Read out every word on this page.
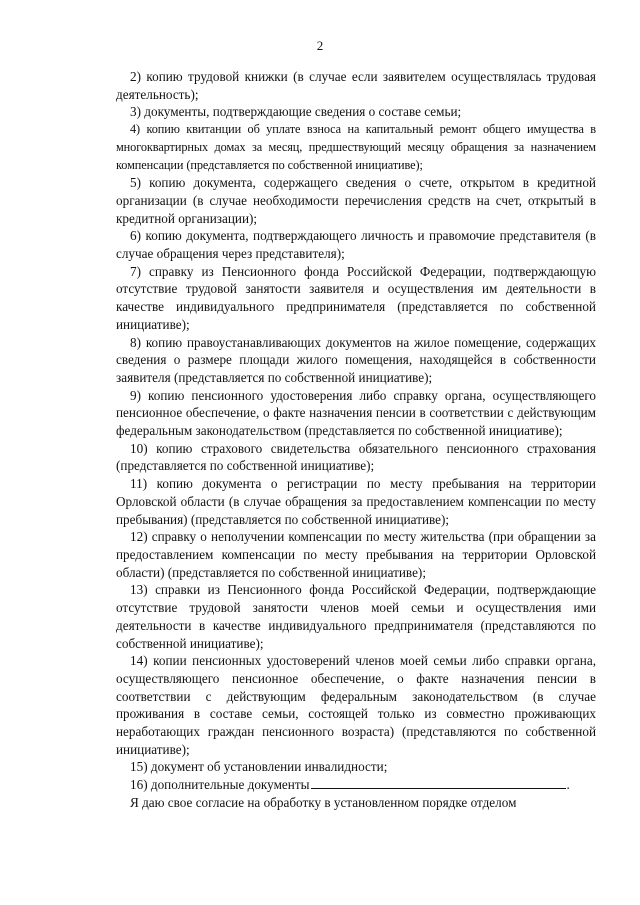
2

2) копию трудовой книжки (в случае если заявителем осуществлялась трудовая деятельность);

3) документы, подтверждающие сведения о составе семьи;

4) копию квитанции об уплате взноса на капитальный ремонт общего имущества в многоквартирных домах за месяц, предшествующий месяцу обращения за назначением компенсации (представляется по собственной инициативе);

5) копию документа, содержащего сведения о счете, открытом в кредитной организации (в случае необходимости перечисления средств на счет, открытый в кредитной организации);

6) копию документа, подтверждающего личность и правомочие представителя (в случае обращения через представителя);

7) справку из Пенсионного фонда Российской Федерации, подтверждающую отсутствие трудовой занятости заявителя и осуществления им деятельности в качестве индивидуального предпринимателя (представляется по собственной инициативе);

8) копию правоустанавливающих документов на жилое помещение, содержащих сведения о размере площади жилого помещения, находящейся в собственности заявителя (представляется по собственной инициативе);

9) копию пенсионного удостоверения либо справку органа, осуществляющего пенсионное обеспечение, о факте назначения пенсии в соответствии с действующим федеральным законодательством (представляется по собственной инициативе);

10) копию страхового свидетельства обязательного пенсионного страхования (представляется по собственной инициативе);

11) копию документа о регистрации по месту пребывания на территории Орловской области (в случае обращения за предоставлением компенсации по месту пребывания) (представляется по собственной инициативе);

12) справку о неполучении компенсации по месту жительства (при обращении за предоставлением компенсации по месту пребывания на территории Орловской области) (представляется по собственной инициативе);

13) справки из Пенсионного фонда Российской Федерации, подтверждающие отсутствие трудовой занятости членов моей семьи и осуществления ими деятельности в качестве индивидуального предпринимателя (представляются по собственной инициативе);

14) копии пенсионных удостоверений членов моей семьи либо справки органа, осуществляющего пенсионное обеспечение, о факте назначения пенсии в соответствии с действующим федеральным законодательством (в случае проживания в составе семьи, состоящей только из совместно проживающих неработающих граждан пенсионного возраста) (представляются по собственной инициативе);

15) документ об установлении инвалидности;

16) дополнительные документы	.

Я даю свое согласие на обработку в установленном порядке отделом
